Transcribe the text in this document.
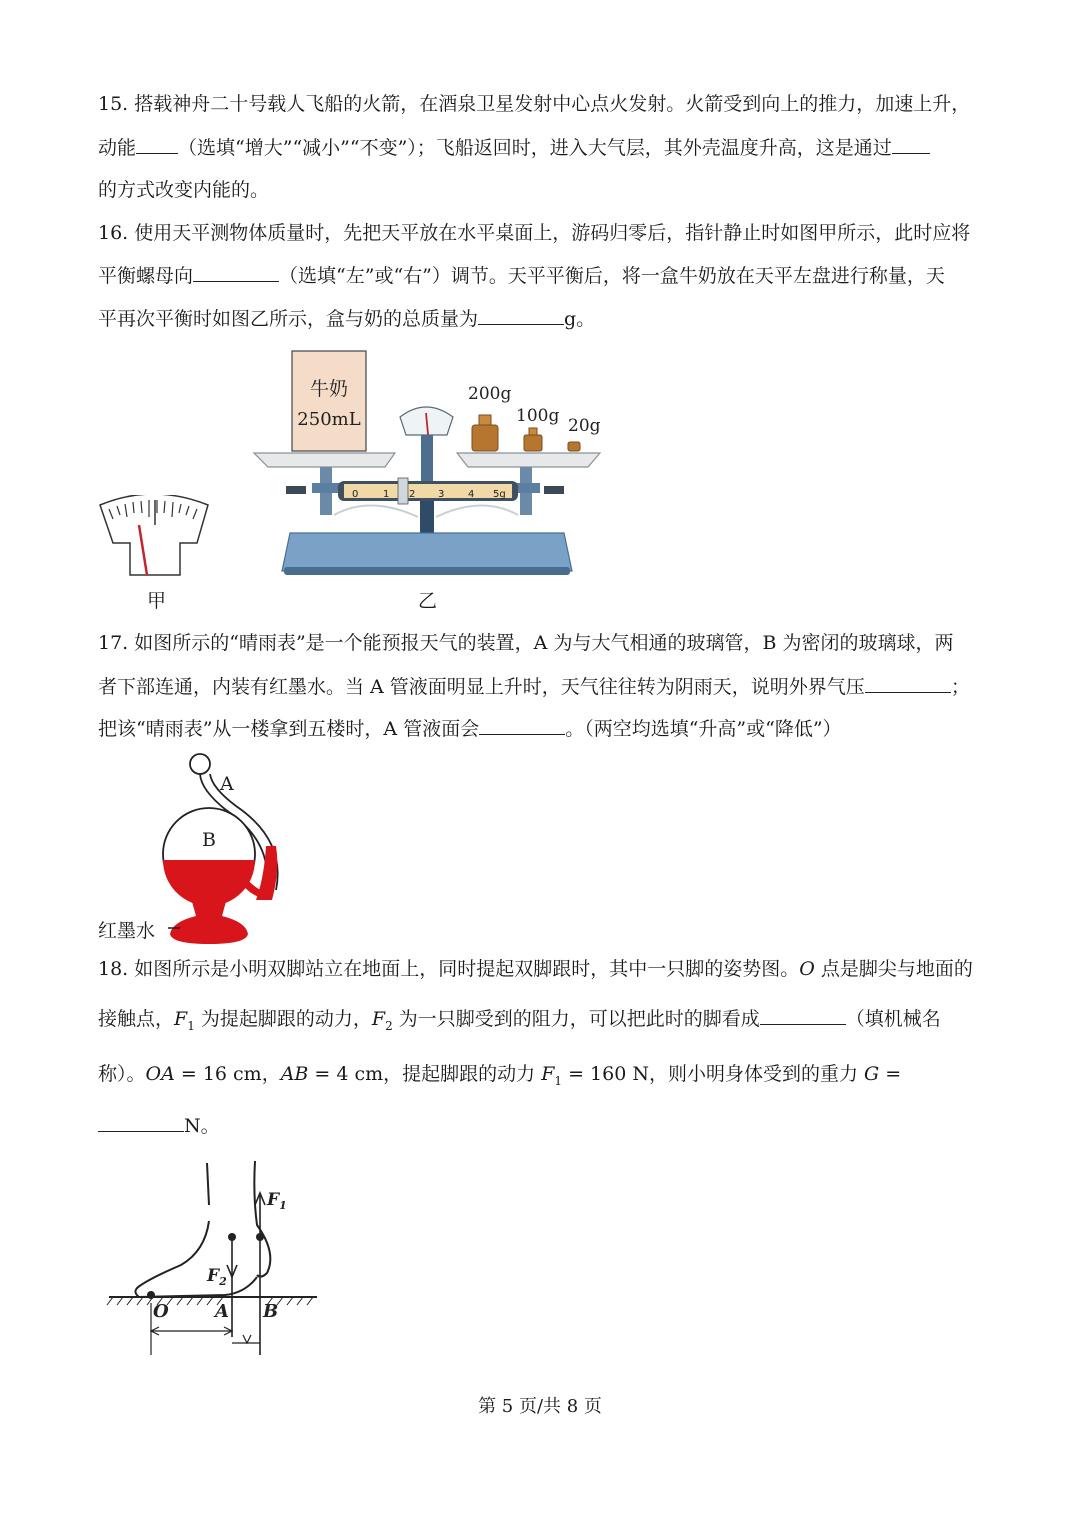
15. 搭载神舟二十号载人飞船的火箭，在酒泉卫星发射中心点火发射。火箭受到向上的推力，加速上升，
动能 （选填“增大”“减小”“不变”）；飞船返回时，进入大气层，其外壳温度升高，这是通过
的方式改变内能的。
16. 使用天平测物体质量时，先把天平放在水平桌面上，游码归零后，指针静止时如图甲所示，此时应将
平衡螺母向	（选填“左”或“右”）调节。天平平衡后，将一盒牛奶放在天平左盘进行称量，天
平再次平衡时如图乙所示，盒与奶的总质量为	g。
甲
牛奶
250mL
0 1 2 3 4 5g
200g
100g 20g
乙
17. 如图所示的“晴雨表”是一个能预报天气的装置，A 为与大气相通的玻璃管，B 为密闭的玻璃球，两
者下部连通，内装有红墨水。当 A 管液面明显上升时，天气往往转为阴雨天，说明外界气压	；
把该“晴雨表”从一楼拿到五楼时，A 管液面会	。（两空均选填“升高”或“降低”）
A
B
红墨水
18. 如图所示是小明双脚站立在地面上，同时提起双脚跟时，其中一只脚的姿势图。O 点是脚尖与地面的
接触点，$F_1$ 为提起脚跟的动力，$F_2$ 为一只脚受到的阻力，可以把此时的脚看成	（填机械名
称）。OA = 16 cm，AB = 4 cm，提起脚跟的动力 $F_1 = 160$ N，则小明身体受到的重力 G =
N。
O	A B
$F_1$
$F_2$
第 5 页/共 8 页
